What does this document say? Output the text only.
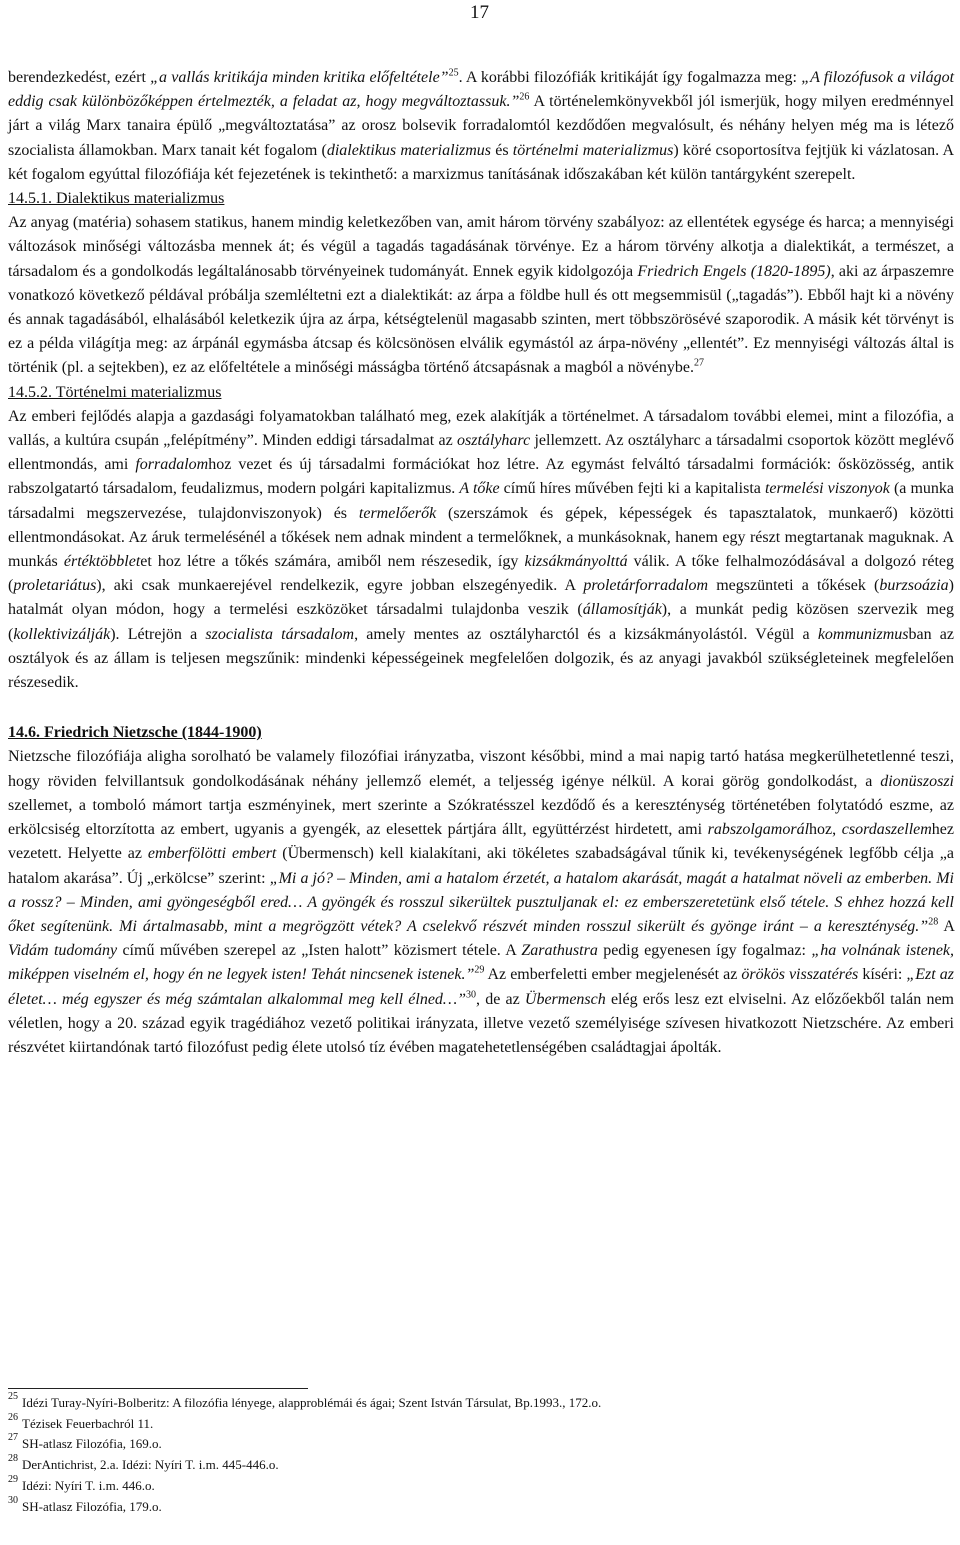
17

berendezkedést, ezért „a vallás kritikája minden kritika előfeltétele”$^{25}$. A korábbi filozófiák kritikáját így fogalmazza meg: „A filozófusok a világot eddig csak különbözőképpen értelmezték, a feladat az, hogy megváltoztassuk.”$^{26}$ A történelemkönyvekből jól ismerjük, hogy milyen eredménnyel járt a világ Marx tanaira épülő „megváltoztatása” az orosz bolsevik forradalomtól kezdődően megvalósult, és néhány helyen még ma is létező szocialista államokban. Marx tanait két fogalom (dialektikus materializmus és történelmi materializmus) köré csoportosítva fejtjük ki vázlatosan. A két fogalom egyúttal filozófiája két fejezetének is tekinthető: a marxizmus tanításának időszakában két külön tantárgyként szerepelt.

14.5.1. Dialektikus materializmus

Az anyag (matéria) sohasem statikus, hanem mindig keletkezőben van, amit három törvény szabályoz: az ellentétek egysége és harca; a mennyiségi változások minőségi változásba mennek át; és végül a tagadás tagadásának törvénye. Ez a három törvény alkotja a dialektikát, a természet, a társadalom és a gondolkodás legáltalánosabb törvényeinek tudományát. Ennek egyik kidolgozója Friedrich Engels (1820-1895), aki az árpaszemre vonatkozó következő példával próbálja szemléltetni ezt a dialektikát: az árpa a földbe hull és ott megsemmisül („tagadás”). Ebből hajt ki a növény és annak tagadásából, elhalásából keletkezik újra az árpa, kétségtelenül magasabb szinten, mert többszörösévé szaporodik. A másik két törvényt is ez a példa világítja meg: az árpánál egymásba átcsap és kölcsönösen elválik egymástól az árpa-növény „ellentét”. Ez mennyiségi változás által is történik (pl. a sejtekben), ez az előfeltétele a minőségi másságba történő átcsapásnak a magból a növénybe.$^{27}$

14.5.2. Történelmi materializmus

Az emberi fejlődés alapja a gazdasági folyamatokban található meg, ezek alakítják a történelmet. A társadalom további elemei, mint a filozófia, a vallás, a kultúra csupán „felépítmény”. Minden eddigi társadalmat az osztályharc jellemzett. Az osztályharc a társadalmi csoportok között meglévő ellentmondás, ami forradalomhoz vezet és új társadalmi formációkat hoz létre. Az egymást felváltó társadalmi formációk: ősközösség, antik rabszolgatartó társadalom, feudalizmus, modern polgári kapitalizmus. A tőke című híres művében fejti ki a kapitalista termelési viszonyok (a munka társadalmi megszervezése, tulajdonviszonyok) és termelőerők (szerszámok és gépek, képességek és tapasztalatok, munkaerő) közötti ellentmondásokat. Az áruk termelésénél a tőkések nem adnak mindent a termelőknek, a munkásoknak, hanem egy részt megtartanak maguknak. A munkás értéktöbbletet hoz létre a tőkés számára, amiből nem részesedik, így kizsákmányolttá válik. A tőke felhalmozódásával a dolgozó réteg (proletariátus), aki csak munkaerejével rendelkezik, egyre jobban elszegényedik. A proletárforradalom megszünteti a tőkések (burzsoázia) hatalmát olyan módon, hogy a termelési eszközöket társadalmi tulajdonba veszik (államosítják), a munkát pedig közösen szervezik meg (kollektivizálják). Létrejön a szocialista társadalom, amely mentes az osztályharctól és a kizsákmányolástól. Végül a kommunizmusban az osztályok és az állam is teljesen megszűnik: mindenki képességeinek megfelelően dolgozik, és az anyagi javakból szükségleteinek megfelelően részesedik.

14.6. Friedrich Nietzsche (1844-1900)

Nietzsche filozófiája aligha sorolható be valamely filozófiai irányzatba, viszont későbbi, mind a mai napig tartó hatása megkerülhetetlenné teszi, hogy röviden felvillantsuk gondolkodásának néhány jellemző elemét, a teljesség igénye nélkül. A korai görög gondolkodást, a dionüszoszi szellemet, a tomboló mámort tartja eszményinek, mert szerinte a Szókratésszel kezdődő és a kereszténység történetében folytatódó eszme, az erkölcsiség eltorzította az embert, ugyanis a gyengék, az elesettek pártjára állt, együttérzést hirdetett, ami rabszolgamorálhoz, csordaszellemhez vezetett. Helyette az emberfölötti embert (Übermensch) kell kialakítani, aki tökéletes szabadságával tűnik ki, tevékenységének legfőbb célja „a hatalom akarása”. Új „erkölcse” szerint: „Mi a jó? – Minden, ami a hatalom érzetét, a hatalom akarását, magát a hatalmat növeli az emberben. Mi a rossz? – Minden, ami gyöngeségből ered… A gyöngék és rosszul sikerültek pusztuljanak el: ez emberszeretetünk első tétele. S ehhez hozzá kell őket segítenünk. Mi ártalmasabb, mint a megrögzött vétek? A cselekvő részvét minden rosszul sikerült és gyönge iránt – a kereszténység.”$^{28}$ A Vidám tudomány című művében szerepel az „Isten halott” közismert tétele. A Zarathustra pedig egyenesen így fogalmaz: „ha volnának istenek, miképpen viselném el, hogy én ne legyek isten! Tehát nincsenek istenek.”$^{29}$ Az emberfeletti ember megjelenését az örökös visszatérés kíséri: „Ezt az életet… még egyszer és még számtalan alkalommal meg kell élned…”$^{30}$, de az Übermensch elég erős lesz ezt elviselni. Az előzőekből talán nem véletlen, hogy a 20. század egyik tragédiához vezető politikai irányzata, illetve vezető személyisége szívesen hivatkozott Nietzschére. Az emberi részvétet kiirtandónak tartó filozófust pedig élete utolsó tíz évében magatehetetlenségében családtagjai ápolták.

$^{25}$ Idézi Turay-Nyíri-Bolberitz: A filozófia lényege, alapproblémái és ágai; Szent István Társulat, Bp.1993., 172.o.
$^{26}$ Tézisek Feuerbachról 11.
$^{27}$ SH-atlasz Filozófia, 169.o.
$^{28}$ DerAntichrist, 2.a. Idézi: Nyíri T. i.m. 445-446.o.
$^{29}$ Idézi: Nyíri T. i.m. 446.o.
$^{30}$ SH-atlasz Filozófia, 179.o.
